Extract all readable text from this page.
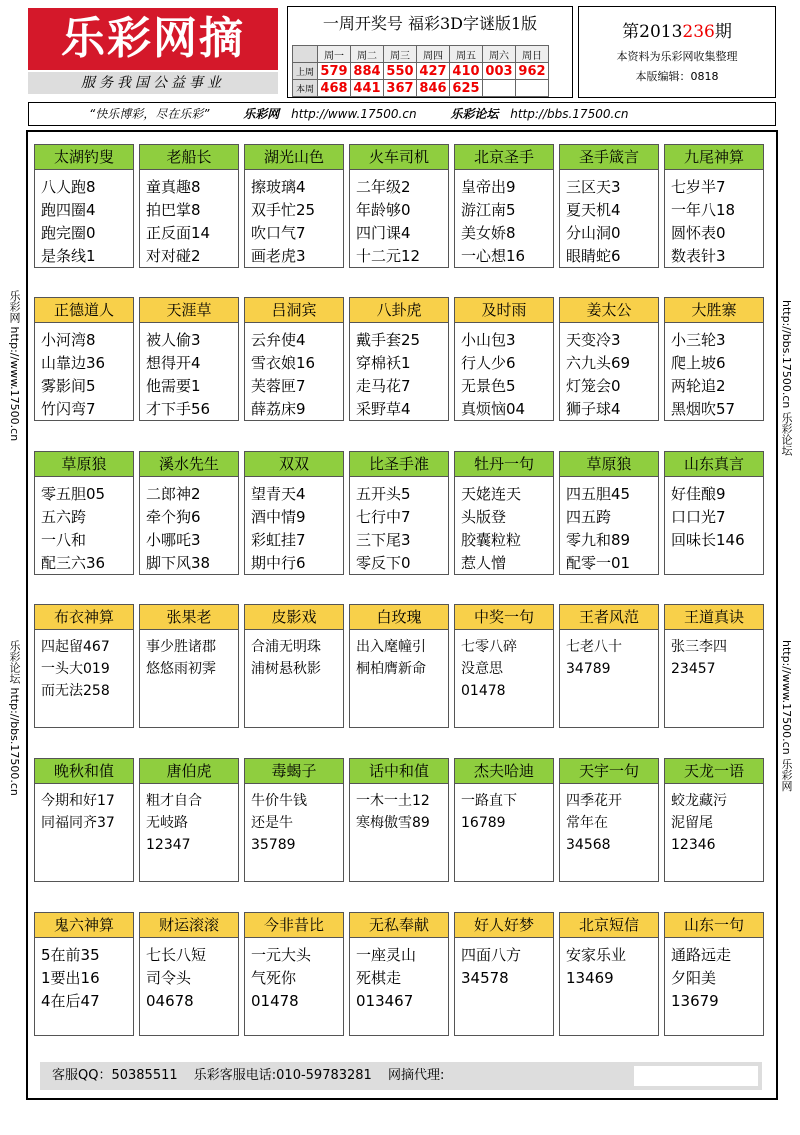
乐彩网摘
服务我国公益事业
一周开奖号 福彩3D字谜版1版
	周一	周二	周三	周四	周五	周六	周日
上周	579	884	550	427	410	003	962
本周	468	441	367	846	625		
第2013236期
本资料为乐彩网收集整理
本版编辑：0818
“快乐博彩，尽在乐彩”	乐彩网 http://www.17500.cn	乐彩论坛 http://bbs.17500.cn
乐彩网 http://www.17500.cn
乐彩论坛 http://bbs.17500.cn
http://bbs.17500.cn 乐彩论坛
http://www.17500.cn 乐彩网
太湖钓叟
八人跑8
跑四圈4
跑完圈0
是条线1
老船长
童真趣8
拍巴掌8
正反面14
对对碰2
湖光山色
擦玻璃4
双手忙25
吹口气7
画老虎3
火车司机
二年级2
年龄够0
四门课4
十二元12
北京圣手
皇帝出9
游江南5
美女娇8
一心想16
圣手箴言
三区天3
夏天机4
分山洞0
眼睛蛇6
九尾神算
七岁半7
一年八18
圆怀表0
数表针3
正德道人
小河湾8
山靠边36
雾影间5
竹闪弯7
天涯草
被人偷3
想得开4
他需要1
才下手56
吕洞宾
云弁使4
雪衣娘16
芙蓉匣7
薛荔床9
八卦虎
戴手套25
穿棉袄1
走马花7
采野草4
及时雨
小山包3
行人少6
无景色5
真烦恼04
姜太公
天变冷3
六九头69
灯笼会0
狮子球4
大胜寨
小三轮3
爬上坡6
两轮追2
黑烟吹57
草原狼
零五胆05
五六跨
一八和
配三六36
溪水先生
二郎神2
牵个狗6
小哪吒3
脚下风38
双双
望青天4
酒中情9
彩虹挂7
期中行6
比圣手准
五开头5
七行中7
三下尾3
零反下0
牡丹一句
天姥连天
头版登
胶囊粒粒
惹人憎
草原狼
四五胆45
四五跨
零九和89
配零一01
山东真言
好佳酿9
口口光7
回味长146
布衣神算
四起留467
一头大019
而无法258
张果老
事少胜诸郡
悠悠雨初霁
皮影戏
合浦无明珠
浦树悬秋影
白玫瑰
出入麾幢引
桐柏膺新命
中奖一句
七零八碎
没意思
01478
王者风范
七老八十
34789
王道真诀
张三李四
23457
晚秋和值
今期和好17
同福同齐37
唐伯虎
粗才自合
无岐路
12347
毒蝎子
牛价牛钱
还是牛
35789
话中和值
一木一土12
寒梅傲雪89
杰夫哈迪
一路直下
16789
天宇一句
四季花开
常年在
34568
天龙一语
蛟龙藏污
泥留尾
12346
鬼六神算
5在前35
1要出16
4在后47
财运滚滚
七长八短
司令头
04678
今非昔比
一元大头
气死你
01478
无私奉献
一座灵山
死棋走
013467
好人好梦
四面八方
34578
北京短信
安家乐业
13469
山东一句
通路远走
夕阳美
13679
客服QQ：50385511 乐彩客服电话:010-59783281 网摘代理:
